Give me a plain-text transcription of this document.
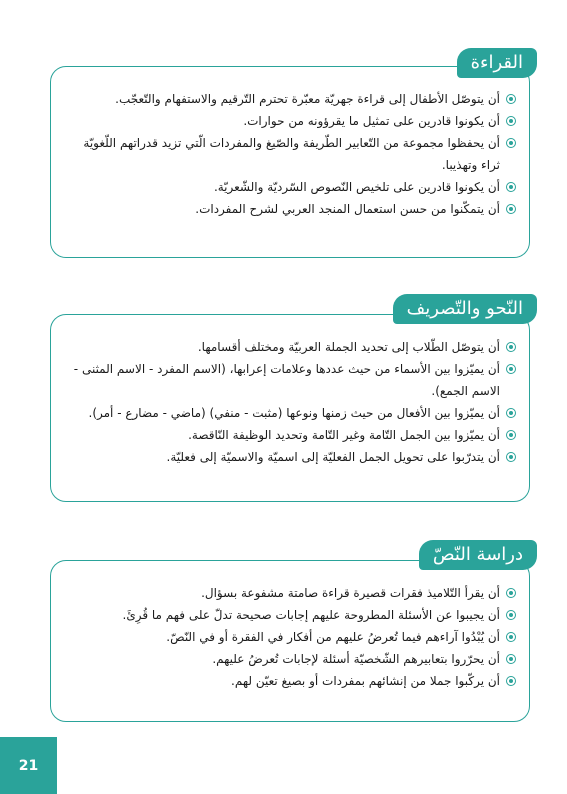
القراءة
أن يتوصّل الأطفال إلى قراءة جهريّة معبّرة تحترم التّرقيم والاستفهام والتّعجّب.
أن يكونوا قادرين على تمثيل ما يقرؤونه من حوارات.
أن يحفظوا مجموعة من التّعابير الطّريفة والصّيغ والمفردات الّتي تزيد قدراتهم اللّغويّة ثراء وتهذيبا.
أن يكونوا قادرين على تلخيص النّصوص السّرديّة والشّعريّة.
أن يتمكّنوا من حسن استعمال المنجد العربي لشرح المفردات.
النّحو والتّصريف
أن يتوصّل الطّلاب إلى تحديد الجملة العربيّة ومختلف أقسامها.
أن يميّزوا بين الأسماء من حيث عددها وعلامات إعرابها، (الاسم المفرد - الاسم المثنى - الاسم الجمع).
أن يميّزوا بين الأفعال من حيث زمنها ونوعها (مثبت - منفي) (ماضي - مضارع - أمر).
أن يميّزوا بين الجمل التّامة وغير التّامة وتحديد الوظيفة النّاقصة.
أن يتدرّبوا على تحويل الجمل الفعليّة إلى اسميّة والاسميّة إلى فعليّة.
دراسة النّصّ
أن يقرأ التّلاميذ فقرات قصيرة قراءة صامتة مشفوعة بسؤال.
أن يجيبوا عن الأسئلة المطروحة عليهم إجابات صحيحة تدلّ على فهم ما قُرِئَ.
أن يُبْدُوا آراءهم فيما تُعرضُ عليهم من أفكار في الفقرة أو في النّصّ.
أن يحرّروا بتعابيرهم الشّخصيّة أسئلة لإجابات تُعرضُ عليهم.
أن يركّبوا جملا من إنشائهم بمفردات أو بصيغ تعيّن لهم.
21
